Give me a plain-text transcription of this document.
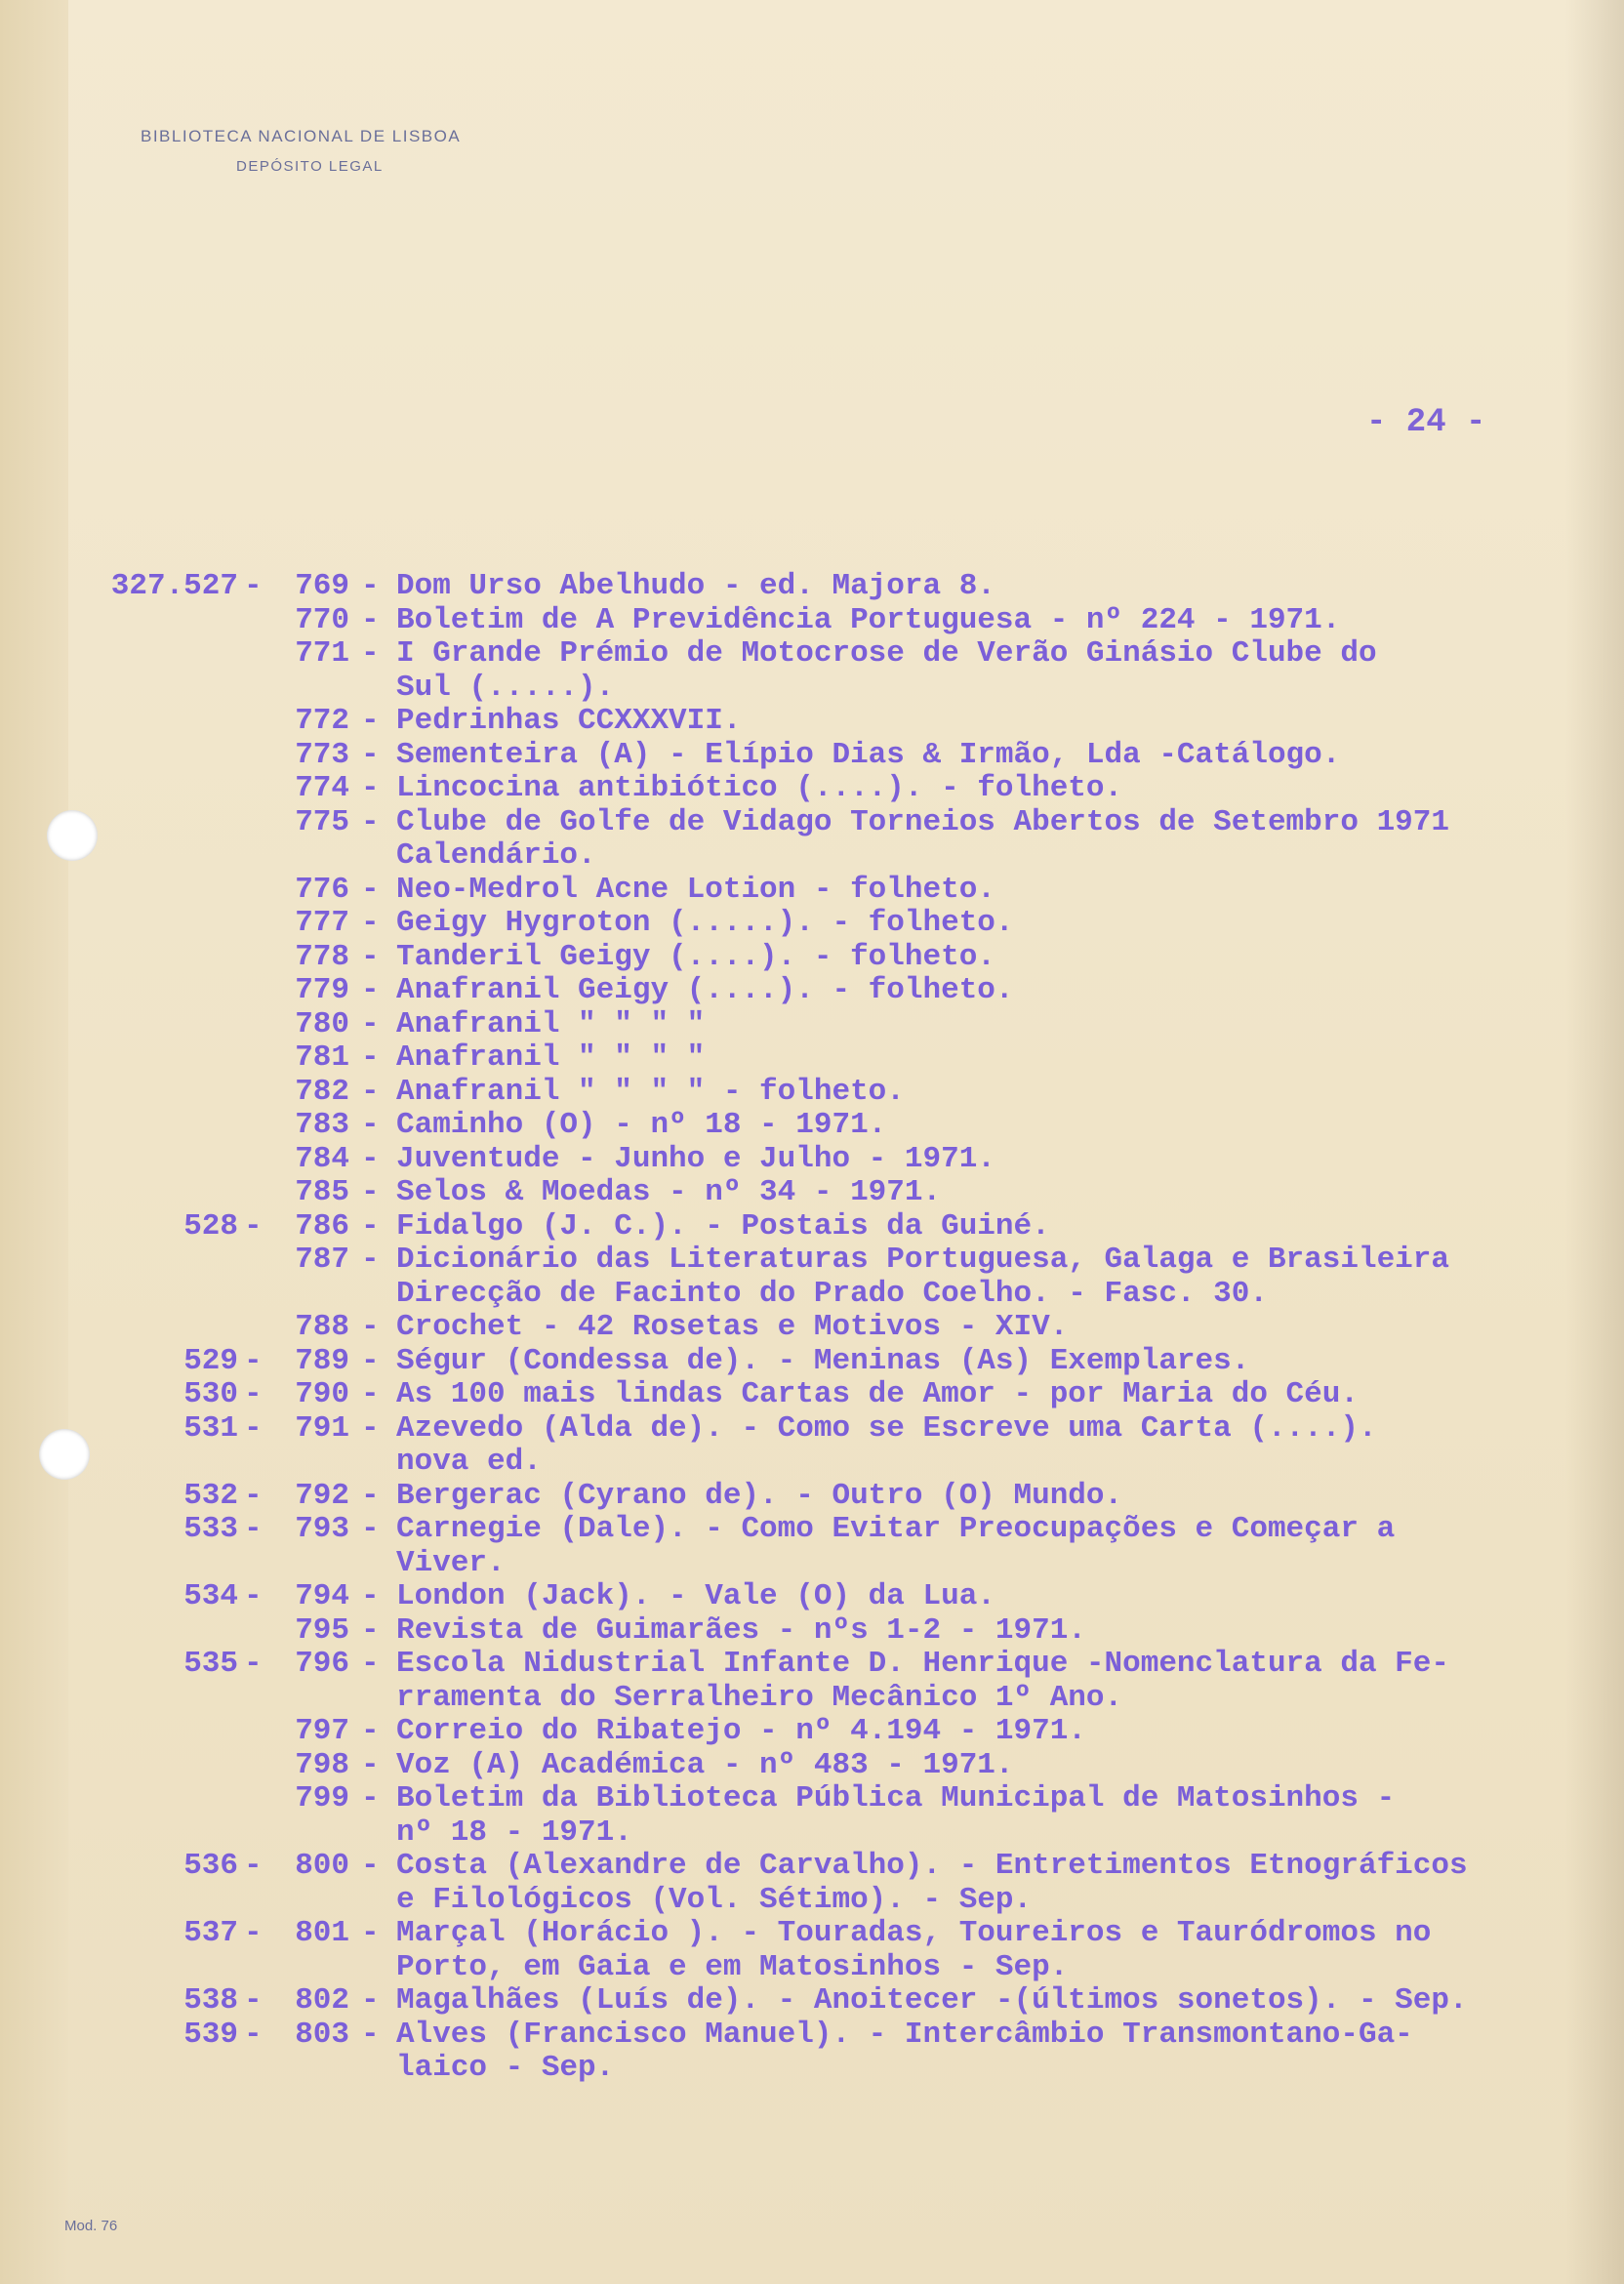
BIBLIOTECA NACIONAL DE LISBOA
DEPÓSITO LEGAL
- 24 -
327.527 -	769 - Dom Urso Abelhudo - ed. Majora 8.
770 - Boletim de A Previdência Portuguesa - nº 224 - 1971.
771 - I Grande Prémio de Motocrose de Verão Ginásio Clube do
Sul (.....).
772 - Pedrinhas CCXXXVII.
773 - Sementeira (A) - Elípio Dias & Irmão, Lda -Catálogo.
774 - Lincocina antibiótico (....). - folheto.
775 - Clube de Golfe de Vidago Torneios Abertos de Setembro 1971
Calendário.
776 - Neo-Medrol Acne Lotion - folheto.
777 - Geigy Hygroton (.....). - folheto.
778 - Tanderil Geigy (....). - folheto.
779 - Anafranil Geigy (....). - folheto.
780 - Anafranil " " " "
781 - Anafranil " " " "
782 - Anafranil " " " " - folheto.
783 - Caminho (O) - nº 18 - 1971.
784 - Juventude - Junho e Julho - 1971.
785 - Selos & Moedas - nº 34 - 1971.
528 -	786 - Fidalgo (J. C.). - Postais da Guiné.
787 - Dicionário das Literaturas Portuguesa, Galaga e Brasileira
Direcção de Facinto do Prado Coelho. - Fasc. 30.
788 - Crochet - 42 Rosetas e Motivos - XIV.
529 -	789 - Ségur (Condessa de). - Meninas (As) Exemplares.
530 -	790 - As 100 mais lindas Cartas de Amor - por Maria do Céu.
531 -	791 - Azevedo (Alda de). - Como se Escreve uma Carta (....).
nova ed.
532 -	792 - Bergerac (Cyrano de). - Outro (O) Mundo.
533 -	793 - Carnegie (Dale). - Como Evitar Preocupações e Começar a
Viver.
534 -	794 - London (Jack). - Vale (O) da Lua.
795 - Revista de Guimarães - nºs 1-2 - 1971.
535 -	796 - Escola Nidustrial Infante D. Henrique -Nomenclatura da Fe-
rramenta do Serralheiro Mecânico 1º Ano.
797 - Correio do Ribatejo - nº 4.194 - 1971.
798 - Voz (A) Académica - nº 483 - 1971.
799 - Boletim da Biblioteca Pública Municipal de Matosinhos -
nº 18 - 1971.
536 -	800 - Costa (Alexandre de Carvalho). - Entretimentos Etnográficos
e Filológicos (Vol. Sétimo). - Sep.
537 -	801 - Marçal (Horácio ). - Touradas, Toureiros e Tauródromos no
Porto, em Gaia e em Matosinhos - Sep.
538 -	802 - Magalhães (Luís de). - Anoitecer -(últimos sonetos). - Sep.
539 -	803 - Alves (Francisco Manuel). - Intercâmbio Transmontano-Ga-
laico - Sep.
Mod. 76
